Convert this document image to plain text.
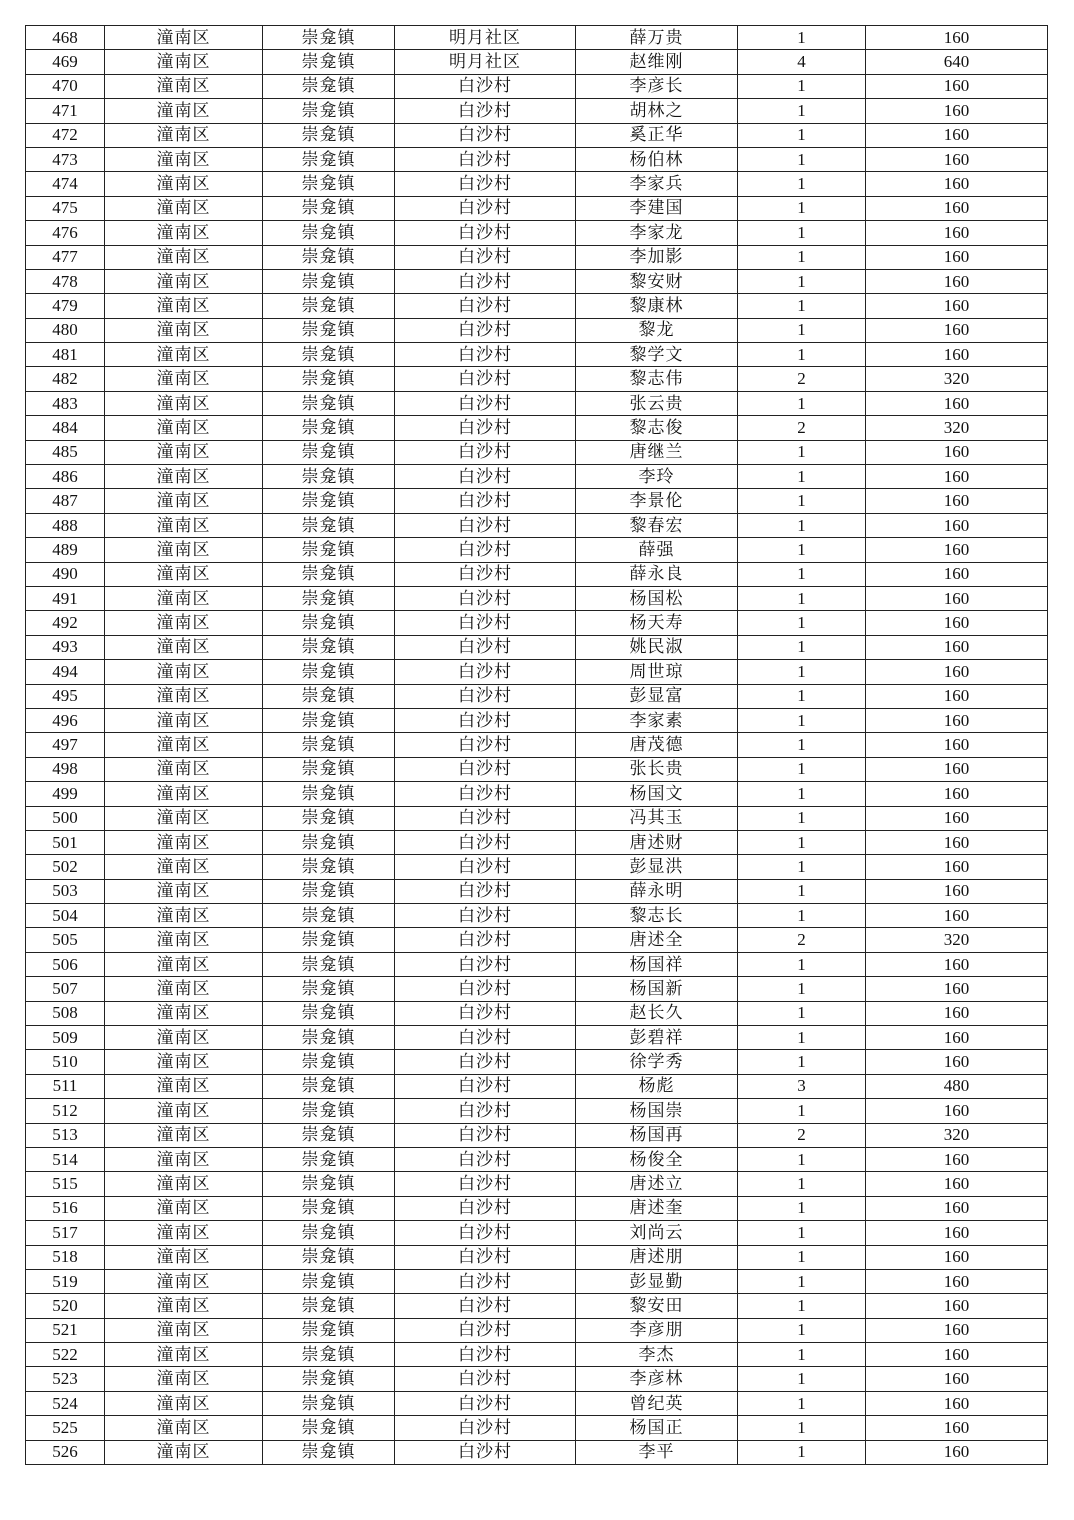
468	潼南区	崇龛镇	明月社区	薛万贵	1	160
469	潼南区	崇龛镇	明月社区	赵维刚	4	640
470	潼南区	崇龛镇	白沙村	李彦长	1	160
471	潼南区	崇龛镇	白沙村	胡林之	1	160
472	潼南区	崇龛镇	白沙村	奚正华	1	160
473	潼南区	崇龛镇	白沙村	杨伯林	1	160
474	潼南区	崇龛镇	白沙村	李家兵	1	160
475	潼南区	崇龛镇	白沙村	李建国	1	160
476	潼南区	崇龛镇	白沙村	李家龙	1	160
477	潼南区	崇龛镇	白沙村	李加影	1	160
478	潼南区	崇龛镇	白沙村	黎安财	1	160
479	潼南区	崇龛镇	白沙村	黎康林	1	160
480	潼南区	崇龛镇	白沙村	黎龙	1	160
481	潼南区	崇龛镇	白沙村	黎学文	1	160
482	潼南区	崇龛镇	白沙村	黎志伟	2	320
483	潼南区	崇龛镇	白沙村	张云贵	1	160
484	潼南区	崇龛镇	白沙村	黎志俊	2	320
485	潼南区	崇龛镇	白沙村	唐继兰	1	160
486	潼南区	崇龛镇	白沙村	李玲	1	160
487	潼南区	崇龛镇	白沙村	李景伦	1	160
488	潼南区	崇龛镇	白沙村	黎春宏	1	160
489	潼南区	崇龛镇	白沙村	薛强	1	160
490	潼南区	崇龛镇	白沙村	薛永良	1	160
491	潼南区	崇龛镇	白沙村	杨国松	1	160
492	潼南区	崇龛镇	白沙村	杨天寿	1	160
493	潼南区	崇龛镇	白沙村	姚民淑	1	160
494	潼南区	崇龛镇	白沙村	周世琼	1	160
495	潼南区	崇龛镇	白沙村	彭显富	1	160
496	潼南区	崇龛镇	白沙村	李家素	1	160
497	潼南区	崇龛镇	白沙村	唐茂德	1	160
498	潼南区	崇龛镇	白沙村	张长贵	1	160
499	潼南区	崇龛镇	白沙村	杨国文	1	160
500	潼南区	崇龛镇	白沙村	冯其玉	1	160
501	潼南区	崇龛镇	白沙村	唐述财	1	160
502	潼南区	崇龛镇	白沙村	彭显洪	1	160
503	潼南区	崇龛镇	白沙村	薛永明	1	160
504	潼南区	崇龛镇	白沙村	黎志长	1	160
505	潼南区	崇龛镇	白沙村	唐述全	2	320
506	潼南区	崇龛镇	白沙村	杨国祥	1	160
507	潼南区	崇龛镇	白沙村	杨国新	1	160
508	潼南区	崇龛镇	白沙村	赵长久	1	160
509	潼南区	崇龛镇	白沙村	彭碧祥	1	160
510	潼南区	崇龛镇	白沙村	徐学秀	1	160
511	潼南区	崇龛镇	白沙村	杨彪	3	480
512	潼南区	崇龛镇	白沙村	杨国崇	1	160
513	潼南区	崇龛镇	白沙村	杨国再	2	320
514	潼南区	崇龛镇	白沙村	杨俊全	1	160
515	潼南区	崇龛镇	白沙村	唐述立	1	160
516	潼南区	崇龛镇	白沙村	唐述奎	1	160
517	潼南区	崇龛镇	白沙村	刘尚云	1	160
518	潼南区	崇龛镇	白沙村	唐述朋	1	160
519	潼南区	崇龛镇	白沙村	彭显勤	1	160
520	潼南区	崇龛镇	白沙村	黎安田	1	160
521	潼南区	崇龛镇	白沙村	李彦朋	1	160
522	潼南区	崇龛镇	白沙村	李杰	1	160
523	潼南区	崇龛镇	白沙村	李彦林	1	160
524	潼南区	崇龛镇	白沙村	曾纪英	1	160
525	潼南区	崇龛镇	白沙村	杨国正	1	160
526	潼南区	崇龛镇	白沙村	李平	1	160
